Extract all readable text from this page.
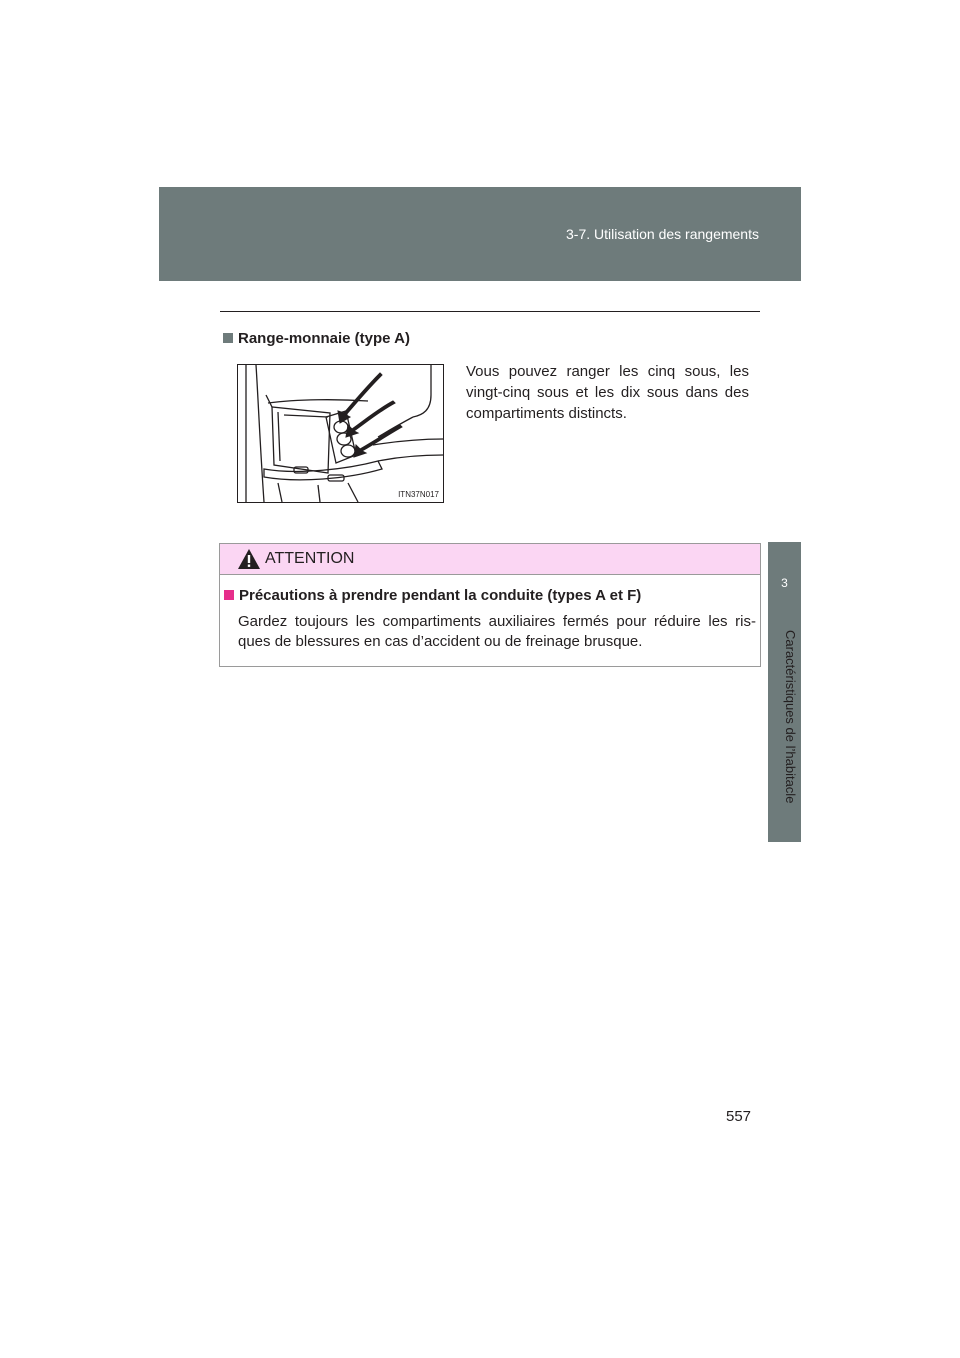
3-7. Utilisation des rangements
3
Caractéristiques de l’habitacle
Range-monnaie (type A)
ITN37N017
Vous pouvez ranger les cinq sous, les vingt-cinq sous et les dix sous dans des compartiments distincts.
ATTENTION
Précautions à prendre pendant la conduite (types A et F)
Gardez toujours les compartiments auxiliaires fermés pour réduire les ris-ques de blessures en cas d’accident ou de freinage brusque.
557
